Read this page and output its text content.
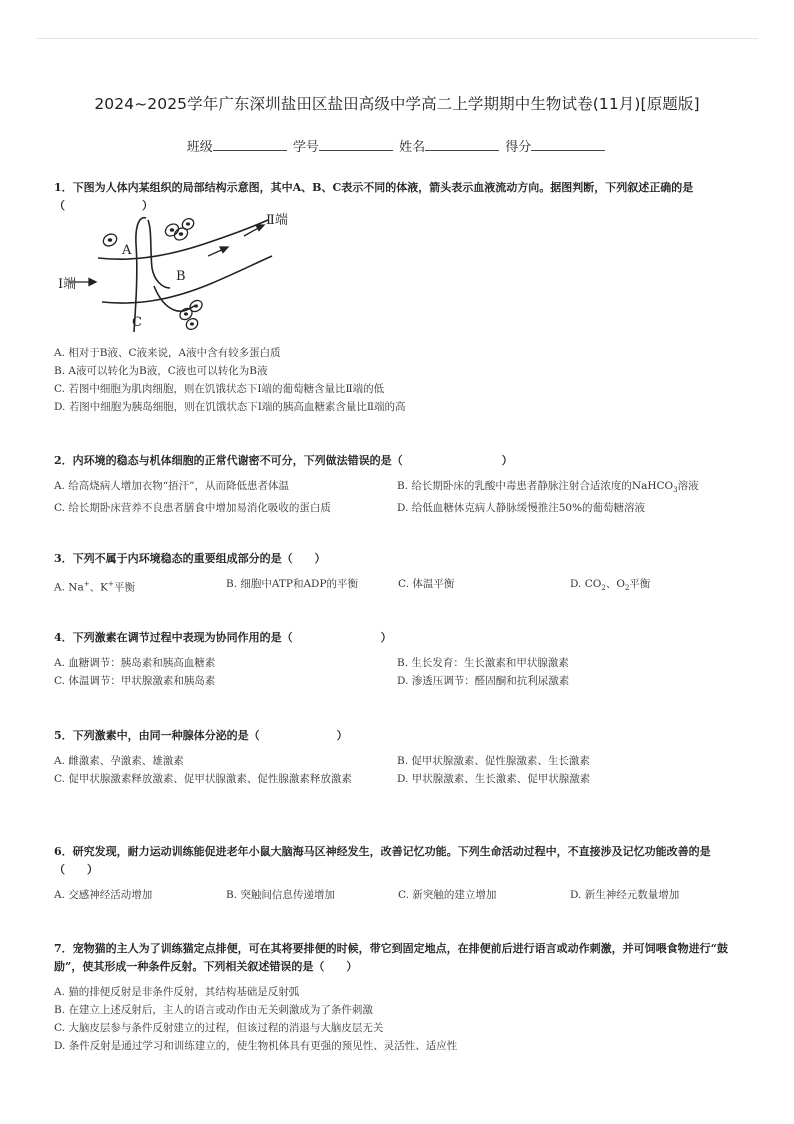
2024~2025学年广东深圳盐田区盐田高级中学高二上学期期中生物试卷(11月)[原题版]
班级	学号	姓名	得分
1．下图为人体内某组织的局部结构示意图，其中A、B、C表示不同的体液，箭头表示血液流动方向。据图判断，下列叙述正确的是
（　　　　　　　）
A
B
C
Ⅰ端
Ⅱ端
A. 相对于B液、C液来说，A液中含有较多蛋白质
B. A液可以转化为B液，C液也可以转化为B液
C. 若图中细胞为肌肉细胞，则在饥饿状态下Ⅰ端的葡萄糖含量比Ⅱ端的低
D. 若图中细胞为胰岛细胞，则在饥饿状态下Ⅰ端的胰高血糖素含量比Ⅱ端的高
2．内环境的稳态与机体细胞的正常代谢密不可分，下列做法错误的是（　　　　　　　　　）
A. 给高烧病人增加衣物“捂汗”，从而降低患者体温	B. 给长期卧床的乳酸中毒患者静脉注射合适浓度的NaHCO$_3$溶液
C. 给长期卧床营养不良患者膳食中增加易消化吸收的蛋白质	D. 给低血糖休克病人静脉缓慢推注50%的葡萄糖溶液
3．下列不属于内环境稳态的重要组成部分的是（　　）
A. Na+、K+平衡	B. 细胞中ATP和ADP的平衡	C. 体温平衡	D. $CO_2$、$O_2$平衡
4．下列激素在调节过程中表现为协同作用的是（　　　　　　　　）
A. 血糖调节：胰岛素和胰高血糖素	B. 生长发育：生长激素和甲状腺激素
C. 体温调节：甲状腺激素和胰岛素	D. 渗透压调节：醛固酮和抗利尿激素
5．下列激素中，由同一种腺体分泌的是（　　　　　　　）
A. 雌激素、孕激素、雄激素	B. 促甲状腺激素、促性腺激素、生长激素
C. 促甲状腺激素释放激素、促甲状腺激素、促性腺激素释放激素	D. 甲状腺激素、生长激素、促甲状腺激素
6．研究发现，耐力运动训练能促进老年小鼠大脑海马区神经发生，改善记忆功能。下列生命活动过程中，不直接涉及记忆功能改善的是（　　）
A. 交感神经活动增加	B. 突触间信息传递增加	C. 新突触的建立增加	D. 新生神经元数量增加
7．宠物猫的主人为了训练猫定点排便，可在其将要排便的时候，带它到固定地点，在排便前后进行语言或动作刺激，并可饲喂食物进行“鼓励”，使其形成一种条件反射。下列相关叙述错误的是（　　）
A. 猫的排便反射是非条件反射，其结构基础是反射弧
B. 在建立上述反射后，主人的语言或动作由无关刺激成为了条件刺激
C. 大脑皮层参与条件反射建立的过程，但该过程的消退与大脑皮层无关
D. 条件反射是通过学习和训练建立的，使生物机体具有更强的预见性、灵活性、适应性
